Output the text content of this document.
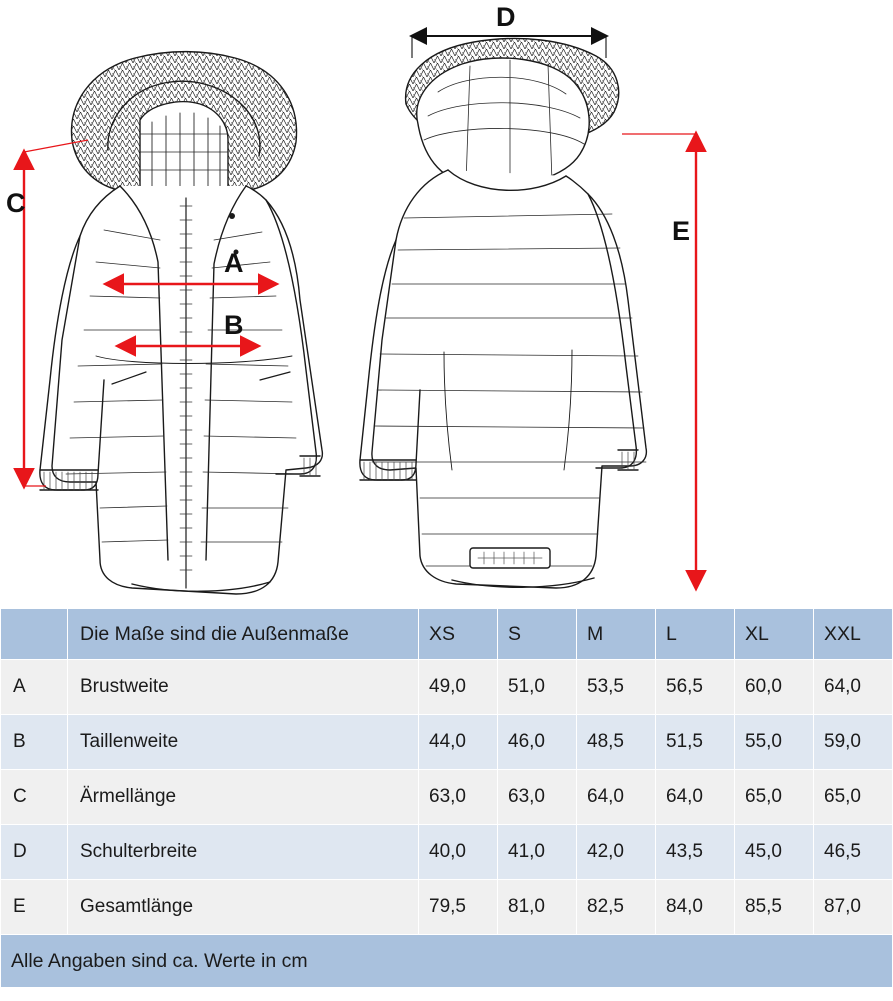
A
B
C
D
E
	Die Maße sind die Außenmaße	XS	S	M	L	XL	XXL
A	Brustweite	49,0	51,0	53,5	56,5	60,0	64,0
B	Taillenweite	44,0	46,0	48,5	51,5	55,0	59,0
C	Ärmellänge	63,0	63,0	64,0	64,0	65,0	65,0
D	Schulterbreite	40,0	41,0	42,0	43,5	45,0	46,5
E	Gesamtlänge	79,5	81,0	82,5	84,0	85,5	87,0
Alle Angaben sind ca. Werte in cm							
